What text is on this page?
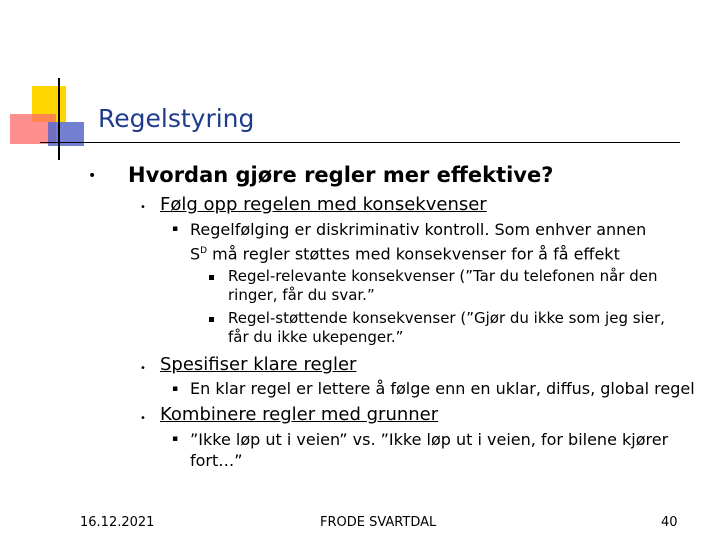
Regelstyring
• Hvordan gjøre regler mer effektive?
• Følg opp regelen med konsekvenser
▪ Regelfølging er diskriminativ kontroll. Som enhver annen
$S^D$ må regler støttes med konsekvenser for å få effekt
Regel-relevante konsekvenser (”Tar du telefonen når den
ringer, får du svar.”
Regel-støttende konsekvenser (”Gjør du ikke som jeg sier,
får du ikke ukepenger.”
• Spesifiser klare regler
▪ En klar regel er lettere å følge enn en uklar, diffus, global regel
• Kombinere regler med grunner
▪ ”Ikke løp ut i veien” vs. ”Ikke løp ut i veien, for bilene kjører
fort…”
16.12.2021	FRODE SVARTDAL	40
